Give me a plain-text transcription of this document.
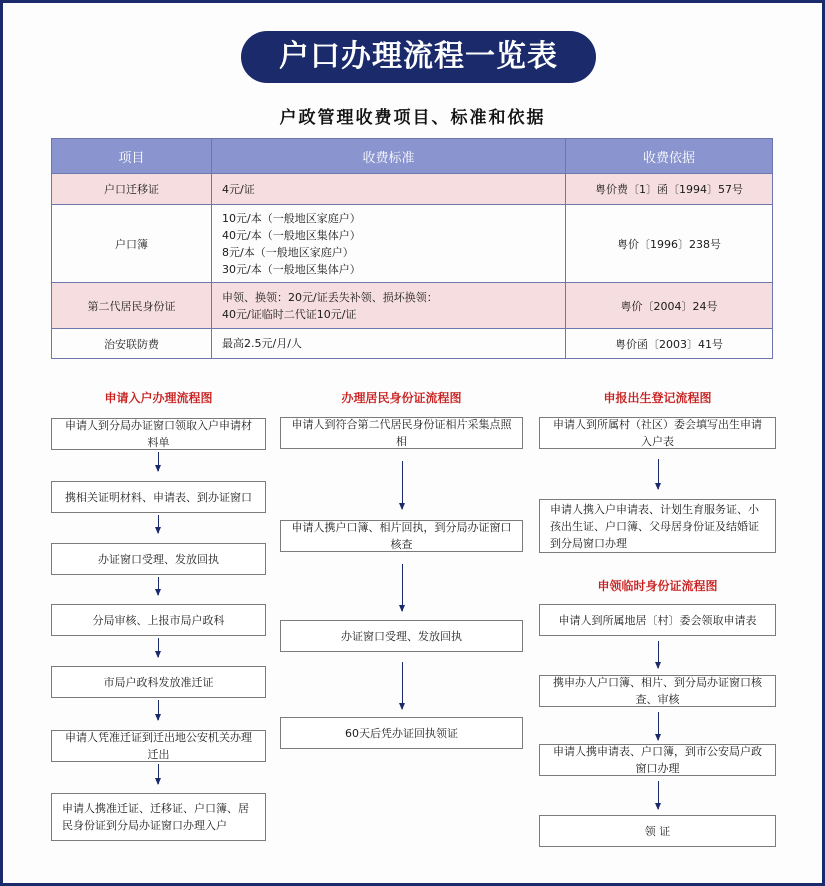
户口办理流程一览表
户政管理收费项目、标准和依据
项目	收费标准	收费依据
户口迁移证	4元/证	粤价费〔1〕函〔1994〕57号
户口簿	10元/本（一般地区家庭户）
40元/本（一般地区集体户）
8元/本（一般地区家庭户）
30元/本（一般地区集体户）	粤价〔1996〕238号
第二代居民身份证	申领、换领：20元/证丢失补领、损坏换领：
40元/证临时二代证10元/证	粤价〔2004〕24号
治安联防费	最高2.5元/月/人	粤价函〔2003〕41号
申请入户办理流程图
申请人到分局办证窗口领取入户申请材料单
携相关证明材料、申请表、到办证窗口
办证窗口受理、发放回执
分局审核、上报市局户政科
市局户政科发放准迁证
申请人凭准迁证到迁出地公安机关办理迁出
申请人携准迁证、迁移证、户口簿、居民身份证到分局办证窗口办理入户
办理居民身份证流程图
申请人到符合第二代居民身份证相片采集点照相
申请人携户口簿、相片回执，到分局办证窗口核查
办证窗口受理、发放回执
60天后凭办证回执领证
申报出生登记流程图
申请人到所属村（社区）委会填写出生申请入户表
申请人携入户申请表、计划生育服务证、小孩出生证、户口簿、父母居身份证及结婚证到分局窗口办理
申领临时身份证流程图
申请人到所属地居〔村〕委会领取申请表
携申办人户口簿、相片、到分局办证窗口核查、审核
申请人携申请表、户口簿，到市公安局户政窗口办理
领 证
